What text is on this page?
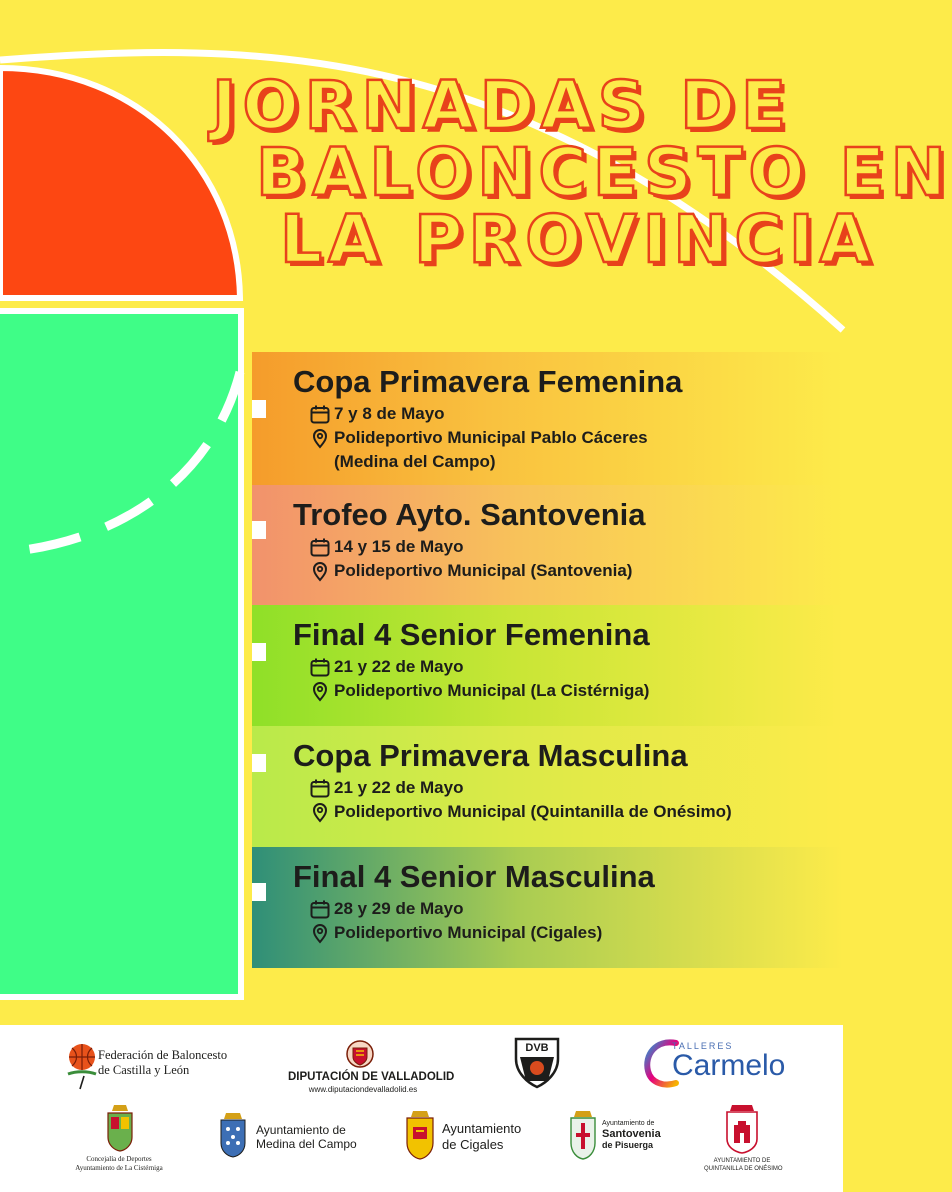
JORNADAS DE
BALONCESTO EN
LA PROVINCIA
Copa Primavera Femenina
7 y 8 de Mayo
Polideportivo Municipal Pablo Cáceres
(Medina del Campo)
Trofeo Ayto. Santovenia
14 y 15 de Mayo
Polideportivo Municipal (Santovenia)
Final 4 Senior Femenina
21 y 22 de Mayo
Polideportivo Municipal (La Cistérniga)
Copa Primavera Masculina
21 y 22 de Mayo
Polideportivo Municipal (Quintanilla de Onésimo)
Final 4 Senior Masculina
28 y 29 de Mayo
Polideportivo Municipal (Cigales)
Federación de Baloncesto
de Castilla y León	DIPUTACIÓN DE VALLADOLID
www.diputaciondevalladolid.es
DVB	TALLERES
Carmelo
Concejalía de Deportes
Ayuntamiento de La Cistérniga
Ayuntamiento de
Medina del Campo
Ayuntamiento
de Cigales
Ayuntamiento de
Santovenia
de Pisuerga
AYUNTAMIENTO DE
QUINTANILLA DE ONÉSIMO
